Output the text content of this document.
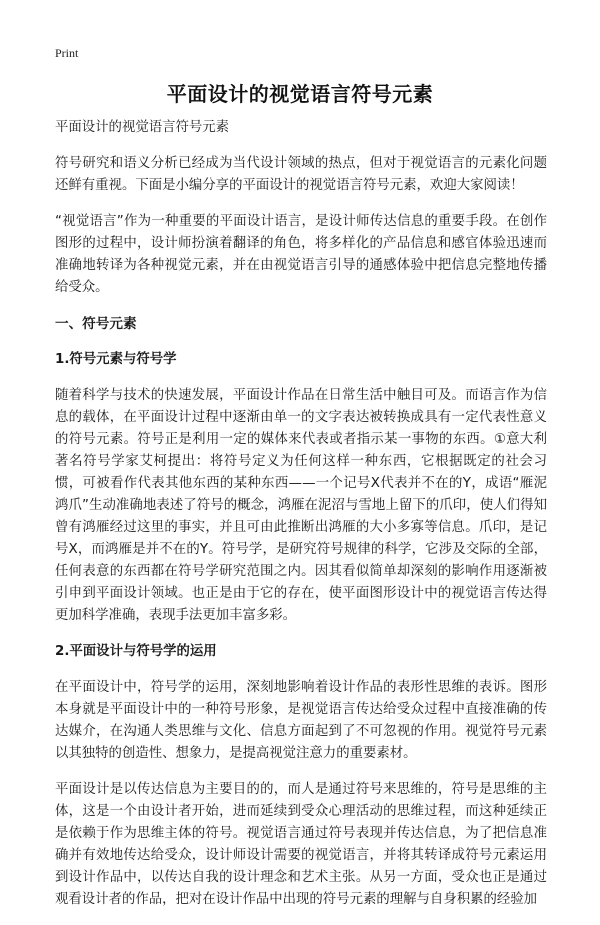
Print
平面设计的视觉语言符号元素

平面设计的视觉语言符号元素

符号研究和语义分析已经成为当代设计领域的热点，但对于视觉语言的元素化问题还鲜有重视。下面是小编分享的平面设计的视觉语言符号元素，欢迎大家阅读！

“视觉语言”作为一种重要的平面设计语言，是设计师传达信息的重要手段。在创作图形的过程中，设计师扮演着翻译的角色，将多样化的产品信息和感官体验迅速而准确地转译为各种视觉元素，并在由视觉语言引导的通感体验中把信息完整地传播给受众。

一、符号元素
1.符号元素与符号学

随着科学与技术的快速发展，平面设计作品在日常生活中触目可及。而语言作为信息的载体，在平面设计过程中逐渐由单一的文字表达被转换成具有一定代表性意义的符号元素。符号正是利用一定的媒体来代表或者指示某一事物的东西。①意大利著名符号学家艾柯提出：将符号定义为任何这样一种东西，它根据既定的社会习惯，可被看作代表其他东西的某种东西——一个记号X代表并不在的Y，成语“雁泥鸿爪”生动准确地表述了符号的概念，鸿雁在泥沼与雪地上留下的爪印，使人们得知曾有鸿雁经过这里的事实，并且可由此推断出鸿雁的大小多寡等信息。爪印，是记号X，而鸿雁是并不在的Y。符号学，是研究符号规律的科学，它涉及交际的全部，任何表意的东西都在符号学研究范围之内。因其看似简单却深刻的影响作用逐渐被引申到平面设计领域。也正是由于它的存在，使平面图形设计中的视觉语言传达得更加科学准确，表现手法更加丰富多彩。

2.平面设计与符号学的运用

在平面设计中，符号学的运用，深刻地影响着设计作品的表形性思维的表诉。图形本身就是平面设计中的一种符号形象，是视觉语言传达给受众过程中直接准确的传达媒介，在沟通人类思维与文化、信息方面起到了不可忽视的作用。视觉符号元素以其独特的创造性、想象力，是提高视觉注意力的重要素材。

平面设计是以传达信息为主要目的的，而人是通过符号来思维的，符号是思维的主体，这是一个由设计者开始，进而延续到受众心理活动的思维过程，而这种延续正是依赖于作为思维主体的符号。视觉语言通过符号表现并传达信息，为了把信息准确并有效地传达给受众，设计师设计需要的视觉语言，并将其转译成符号元素运用到设计作品中，以传达自我的设计理念和艺术主张。从另一方面，受众也正是通过观看设计者的作品，把对在设计作品中出现的符号元素的理解与自身积累的经验加
